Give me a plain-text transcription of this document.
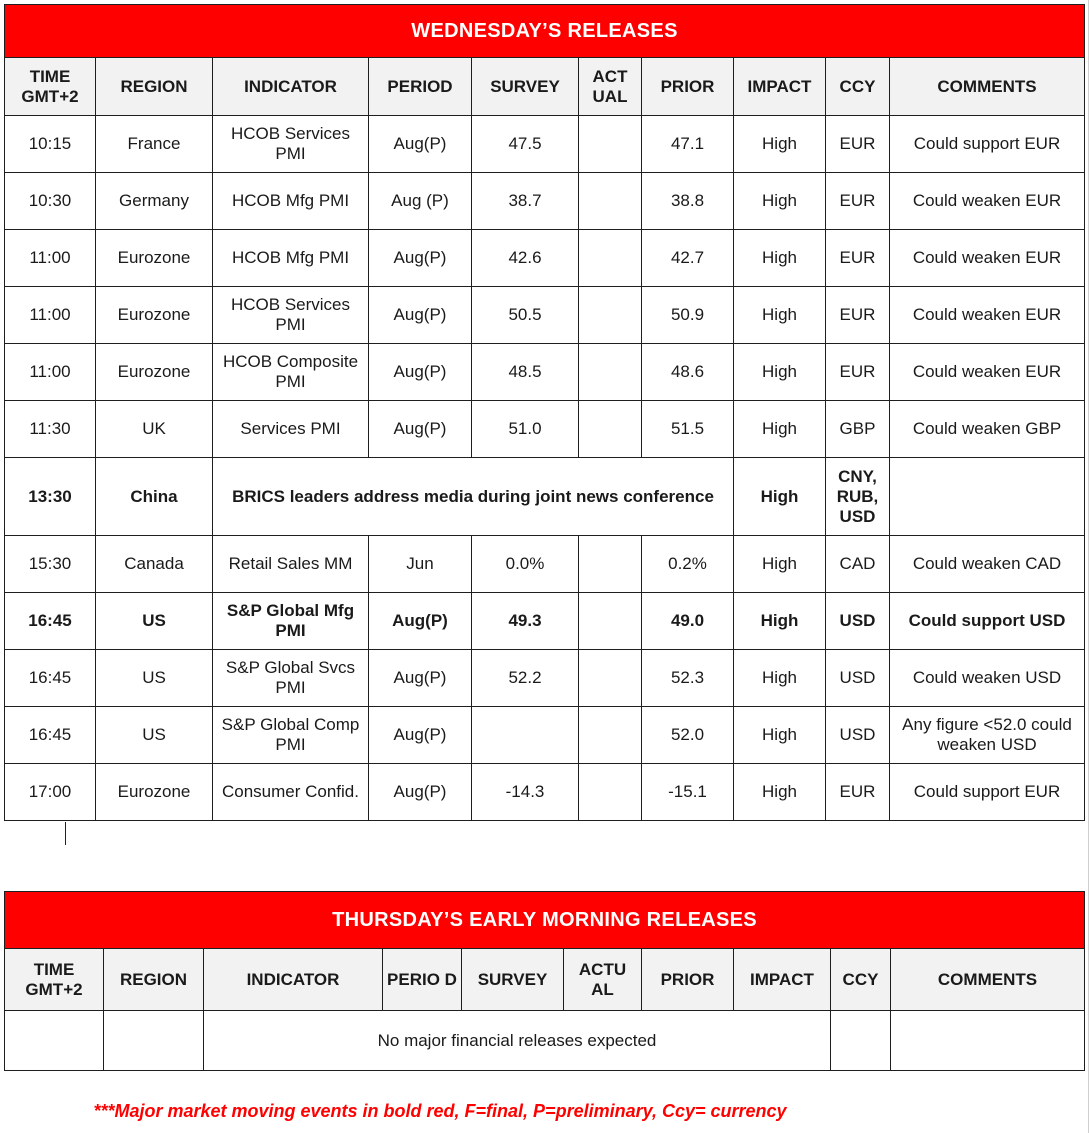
WEDNESDAY’S RELEASES									
TIME GMT+2	REGION	INDICATOR	PERIOD	SURVEY	ACT UAL	PRIOR	IMPACT	CCY	COMMENTS
10:15	France	HCOB Services PMI	Aug(P)	47.5		47.1	High	EUR	Could support EUR
10:30	Germany	HCOB Mfg PMI	Aug (P)	38.7		38.8	High	EUR	Could weaken EUR
11:00	Eurozone	HCOB Mfg PMI	Aug(P)	42.6		42.7	High	EUR	Could weaken EUR
11:00	Eurozone	HCOB Services PMI	Aug(P)	50.5		50.9	High	EUR	Could weaken EUR
11:00	Eurozone	HCOB Composite PMI	Aug(P)	48.5		48.6	High	EUR	Could weaken EUR
11:30	UK	Services PMI	Aug(P)	51.0		51.5	High	GBP	Could weaken GBP
13:30	China	BRICS leaders address media during joint news conference					High	CNY, RUB, USD	
15:30	Canada	Retail Sales MM	Jun	0.0%		0.2%	High	CAD	Could weaken CAD
16:45	US	S&P Global Mfg PMI	Aug(P)	49.3		49.0	High	USD	Could support USD
16:45	US	S&P Global Svcs PMI	Aug(P)	52.2		52.3	High	USD	Could weaken USD
16:45	US	S&P Global Comp PMI	Aug(P)			52.0	High	USD	Any figure <52.0 could weaken USD
17:00	Eurozone	Consumer Confid.	Aug(P)	-14.3		-15.1	High	EUR	Could support EUR
THURSDAY’S EARLY MORNING RELEASES									
TIME GMT+2	REGION	INDICATOR	PERIO D	SURVEY	ACTU AL	PRIOR	IMPACT	CCY	COMMENTS
		No major financial releases expected							
***Major market moving events in bold red, F=final, P=preliminary, Ccy= currency
